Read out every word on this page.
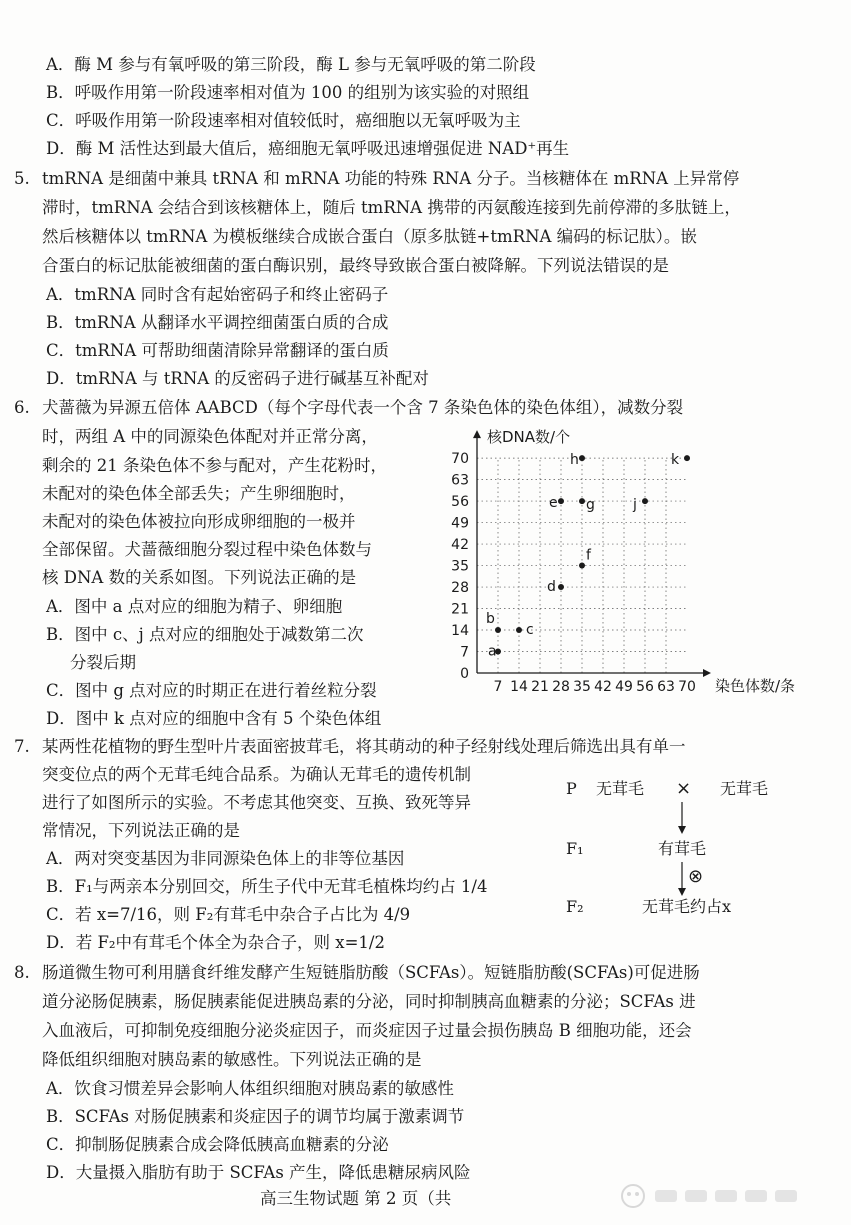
A．酶 M 参与有氧呼吸的第三阶段，酶 L 参与无氧呼吸的第二阶段
B．呼吸作用第一阶段速率相对值为 100 的组别为该实验的对照组
C．呼吸作用第一阶段速率相对值较低时，癌细胞以无氧呼吸为主
D．酶 M 活性达到最大值后，癌细胞无氧呼吸迅速增强促进 NAD⁺再生
5. tmRNA 是细菌中兼具 tRNA 和 mRNA 功能的特殊 RNA 分子。当核糖体在 mRNA 上异常停
滞时，tmRNA 会结合到该核糖体上，随后 tmRNA 携带的丙氨酸连接到先前停滞的多肽链上，
然后核糖体以 tmRNA 为模板继续合成嵌合蛋白（原多肽链+tmRNA 编码的标记肽）。嵌
合蛋白的标记肽能被细菌的蛋白酶识别，最终导致嵌合蛋白被降解。下列说法错误的是
A．tmRNA 同时含有起始密码子和终止密码子
B．tmRNA 从翻译水平调控细菌蛋白质的合成
C．tmRNA 可帮助细菌清除异常翻译的蛋白质
D．tmRNA 与 tRNA 的反密码子进行碱基互补配对
6. 犬蔷薇为异源五倍体 AABCD（每个字母代表一个含 7 条染色体的染色体组），减数分裂
时，两组 A 中的同源染色体配对并正常分离，
剩余的 21 条染色体不参与配对，产生花粉时，
未配对的染色体全部丢失；产生卵细胞时，
未配对的染色体被拉向形成卵细胞的一极并
全部保留。犬蔷薇细胞分裂过程中染色体数与
核 DNA 数的关系如图。下列说法正确的是
A．图中 a 点对应的细胞为精子、卵细胞
B．图中 c、j 点对应的细胞处于减数第二次
分裂后期
C．图中 g 点对应的时期正在进行着丝粒分裂
D．图中 k 点对应的细胞中含有 5 个染色体组
7 14 21 28 35 42 49 56 63 70
7
14
21
28
35
42
49
56
63
70
0
核DNA数/个
染色体数/条
a
b
c
d
f
e g
h
j
k
7. 某两性花植物的野生型叶片表面密披茸毛，将其萌动的种子经射线处理后筛选出具有单一
突变位点的两个无茸毛纯合品系。为确认无茸毛的遗传机制
进行了如图所示的实验。不考虑其他突变、互换、致死等异
常情况，下列说法正确的是
A．两对突变基因为非同源染色体上的非等位基因
B．F₁与两亲本分别回交，所生子代中无茸毛植株均约占 1/4
C．若 x=7/16，则 F₂有茸毛中杂合子占比为 4/9
D．若 F₂中有茸毛个体全为杂合子，则 x=1/2
P 无茸毛 × 无茸毛
F₁	有茸毛
⊗
F₂	无茸毛约占x
8. 肠道微生物可利用膳食纤维发酵产生短链脂肪酸（SCFAs）。短链脂肪酸(SCFAs)可促进肠
道分泌肠促胰素，肠促胰素能促进胰岛素的分泌，同时抑制胰高血糖素的分泌；SCFAs 进
入血液后，可抑制免疫细胞分泌炎症因子，而炎症因子过量会损伤胰岛 B 细胞功能，还会
降低组织细胞对胰岛素的敏感性。下列说法正确的是
A．饮食习惯差异会影响人体组织细胞对胰岛素的敏感性
B．SCFAs 对肠促胰素和炎症因子的调节均属于激素调节
C．抑制肠促胰素合成会降低胰高血糖素的分泌
D．大量摄入脂肪有助于 SCFAs 产生，降低患糖尿病风险
高三生物试题 第 2 页（共
